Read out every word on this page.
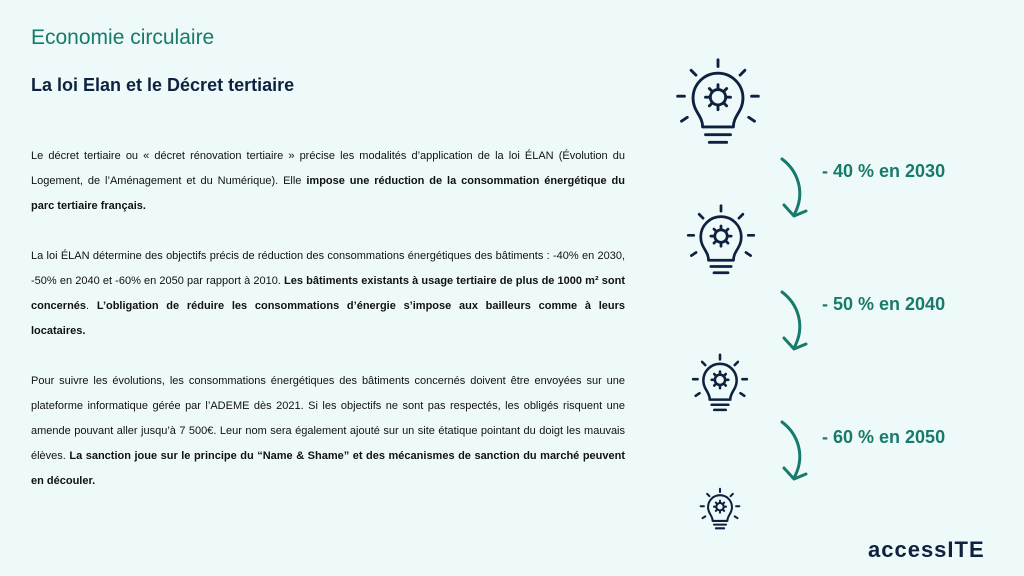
Economie circulaire
La loi Elan et le Décret tertiaire

Le décret tertiaire ou « décret rénovation tertiaire » précise les modalités d’application de la loi ÉLAN (Évolution du Logement, de l’Aménagement et du Numérique). Elle impose une réduction de la consommation énergétique du parc tertiaire français.

La loi ÉLAN détermine des objectifs précis de réduction des consommations énergétiques des bâtiments : -40% en 2030, -50% en 2040 et -60% en 2050 par rapport à 2010. Les bâtiments existants à usage tertiaire de plus de 1000 m² sont concernés. L’obligation de réduire les consommations d’énergie s’impose aux bailleurs comme à leurs locataires.

Pour suivre les évolutions, les consommations énergétiques des bâtiments concernés doivent être envoyées sur une plateforme informatique gérée par l’ADEME dès 2021. Si les objectifs ne sont pas respectés, les obligés risquent une amende pouvant aller jusqu’à 7 500€. Leur nom sera également ajouté sur un site étatique pointant du doigt les mauvais élèves. La sanction joue sur le principe du “Name & Shame” et des mécanismes de sanction du marché peuvent en découler.

- 40 % en 2030
- 50 % en 2040
- 60 % en 2050
accessITE
